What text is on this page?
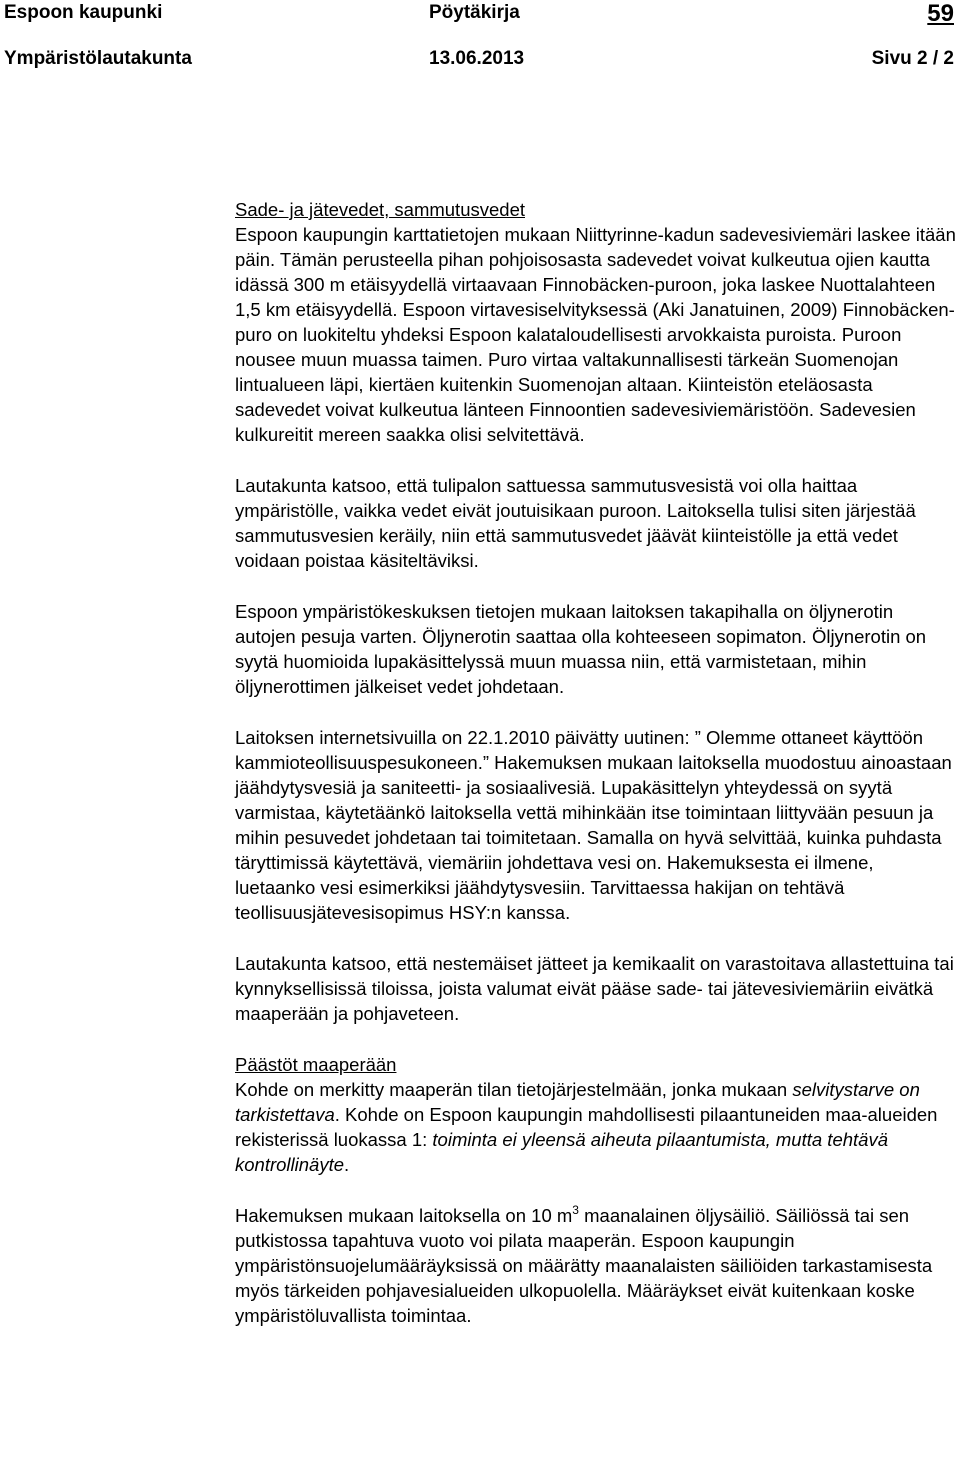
Espoon kaupunki	Pöytäkirja	59
Ympäristölautakunta	13.06.2013	Sivu 2 / 2

Sade- ja jätevedet, sammutusvedet

Espoon kaupungin karttatietojen mukaan Niittyrinne-kadun sadevesiviemäri laskee itään päin. Tämän perusteella pihan pohjoisosasta sadevedet voivat kulkeutua ojien kautta idässä 300 m etäisyydellä virtaavaan Finnobäcken-puroon, joka laskee Nuottalahteen 1,5 km etäisyydellä. Espoon virtavesiselvityksessä (Aki Janatuinen, 2009) Finnobäcken-puro on luokiteltu yhdeksi Espoon kalataloudellisesti arvokkaista puroista. Puroon nousee muun muassa taimen. Puro virtaa valtakunnallisesti tärkeän Suomenojan lintualueen läpi, kiertäen kuitenkin Suomenojan altaan. Kiinteistön eteläosasta sadevedet voivat kulkeutua länteen Finnoontien sadevesiviemäristöön. Sadevesien kulkureitit mereen saakka olisi selvitettävä.

Lautakunta katsoo, että tulipalon sattuessa sammutusvesistä voi olla haittaa ympäristölle, vaikka vedet eivät joutuisikaan puroon. Laitoksella tulisi siten järjestää sammutusvesien keräily, niin että sammutusvedet jäävät kiinteistölle ja että vedet voidaan poistaa käsiteltäviksi.

Espoon ympäristökeskuksen tietojen mukaan laitoksen takapihalla on öljynerotin autojen pesuja varten. Öljynerotin saattaa olla kohteeseen sopimaton. Öljynerotin on syytä huomioida lupakäsittelyssä muun muassa niin, että varmistetaan, mihin öljynerottimen jälkeiset vedet johdetaan.

Laitoksen internetsivuilla on 22.1.2010 päivätty uutinen: ” Olemme ottaneet käyttöön kammioteollisuuspesukoneen.” Hakemuksen mukaan laitoksella muodostuu ainoastaan jäähdytysvesiä ja saniteetti- ja sosiaalivesiä. Lupakäsittelyn yhteydessä on syytä varmistaa, käytetäänkö laitoksella vettä mihinkään itse toimintaan liittyvään pesuun ja mihin pesuvedet johdetaan tai toimitetaan. Samalla on hyvä selvittää, kuinka puhdasta täryttimissä käytettävä, viemäriin johdettava vesi on. Hakemuksesta ei ilmene, luetaanko vesi esimerkiksi jäähdytysvesiin. Tarvittaessa hakijan on tehtävä teollisuusjätevesisopimus HSY:n kanssa.

Lautakunta katsoo, että nestemäiset jätteet ja kemikaalit on varastoitava allastettuina tai kynnyksellisissä tiloissa, joista valumat eivät pääse sade- tai jätevesiviemäriin eivätkä maaperään ja pohjaveteen.

Päästöt maaperään

Kohde on merkitty maaperän tilan tietojärjestelmään, jonka mukaan selvitystarve on tarkistettava. Kohde on Espoon kaupungin mahdollisesti pilaantuneiden maa-alueiden rekisterissä luokassa 1: toiminta ei yleensä aiheuta pilaantumista, mutta tehtävä kontrollinäyte.

Hakemuksen mukaan laitoksella on 10 $m^3$ maanalainen öljysäiliö. Säiliössä tai sen putkistossa tapahtuva vuoto voi pilata maaperän. Espoon kaupungin ympäristönsuojelumääräyksissä on määrätty maanalaisten säiliöiden tarkastamisesta myös tärkeiden pohjavesialueiden ulkopuolella. Määräykset eivät kuitenkaan koske ympäristöluvallista toimintaa.
